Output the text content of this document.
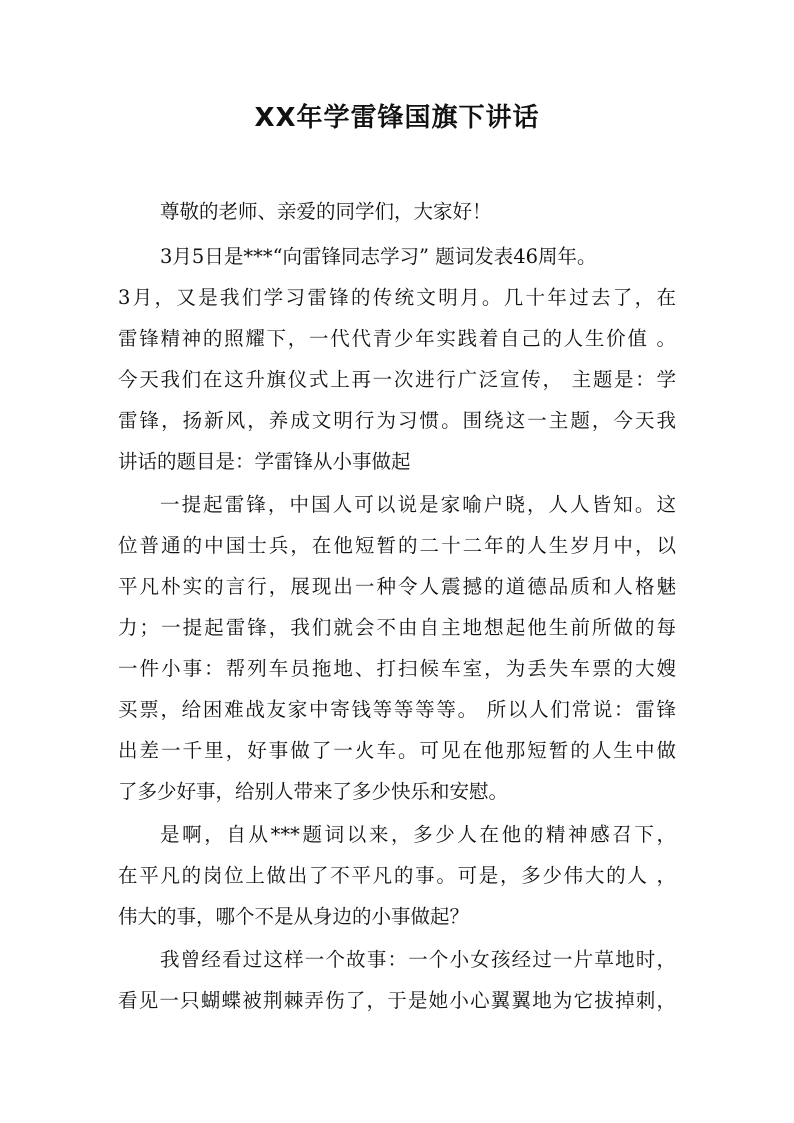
XX年学雷锋国旗下讲话

尊敬的老师、亲爱的同学们，大家好！

3月5日是***“向雷锋同志学习” 题词发表46周年。

3月，又是我们学习雷锋的传统文明月。几十年过去了，在

雷锋精神的照耀下，一代代青少年实践着自己的人生价值 。

今天我们在这升旗仪式上再一次进行广泛宣传， 主题是：学

雷锋，扬新风，养成文明行为习惯。围绕这一主题，今天我

讲话的题目是：学雷锋从小事做起

一提起雷锋，中国人可以说是家喻户晓，人人皆知。这

位普通的中国士兵，在他短暂的二十二年的人生岁月中，以

平凡朴实的言行，展现出一种令人震撼的道德品质和人格魅

力；一提起雷锋，我们就会不由自主地想起他生前所做的每

一件小事：帮列车员拖地、打扫候车室，为丢失车票的大嫂

买票，给困难战友家中寄钱等等等等。 所以人们常说：雷锋

出差一千里，好事做了一火车。可见在他那短暂的人生中做

了多少好事，给别人带来了多少快乐和安慰。

是啊，自从***题词以来，多少人在他的精神感召下，

在平凡的岗位上做出了不平凡的事。可是，多少伟大的人 ，

伟大的事，哪个不是从身边的小事做起？

我曾经看过这样一个故事：一个小女孩经过一片草地时，

看见一只蝴蝶被荆棘弄伤了，于是她小心翼翼地为它拔掉刺，
